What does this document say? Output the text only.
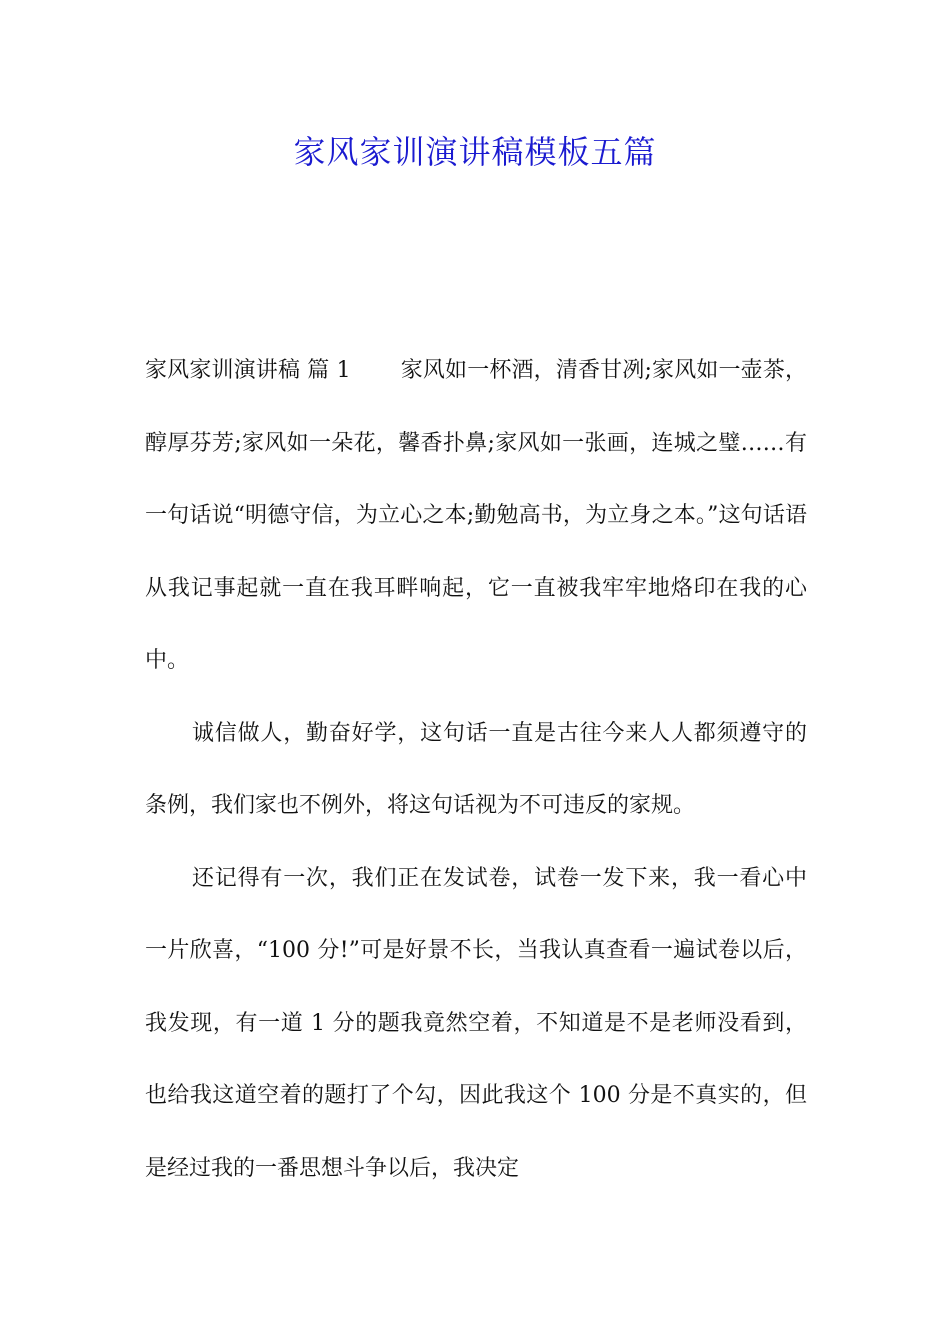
家风家训演讲稿模板五篇

家风家训演讲稿 篇 1 家风如一杯酒，清香甘冽;家风如一壶茶，醇厚芬芳;家风如一朵花，馨香扑鼻;家风如一张画，连城之璧……有一句话说“明德守信，为立心之本;勤勉高书，为立身之本。”这句话语从我记事起就一直在我耳畔响起，它一直被我牢牢地烙印在我的心中。

诚信做人，勤奋好学，这句话一直是古往今来人人都须遵守的条例，我们家也不例外，将这句话视为不可违反的家规。

还记得有一次，我们正在发试卷，试卷一发下来，我一看心中一片欣喜，“100 分!”可是好景不长，当我认真查看一遍试卷以后，我发现，有一道 1 分的题我竟然空着，不知道是不是老师没看到，也给我这道空着的题打了个勾，因此我这个 100 分是不真实的，但是经过我的一番思想斗争以后，我决定
